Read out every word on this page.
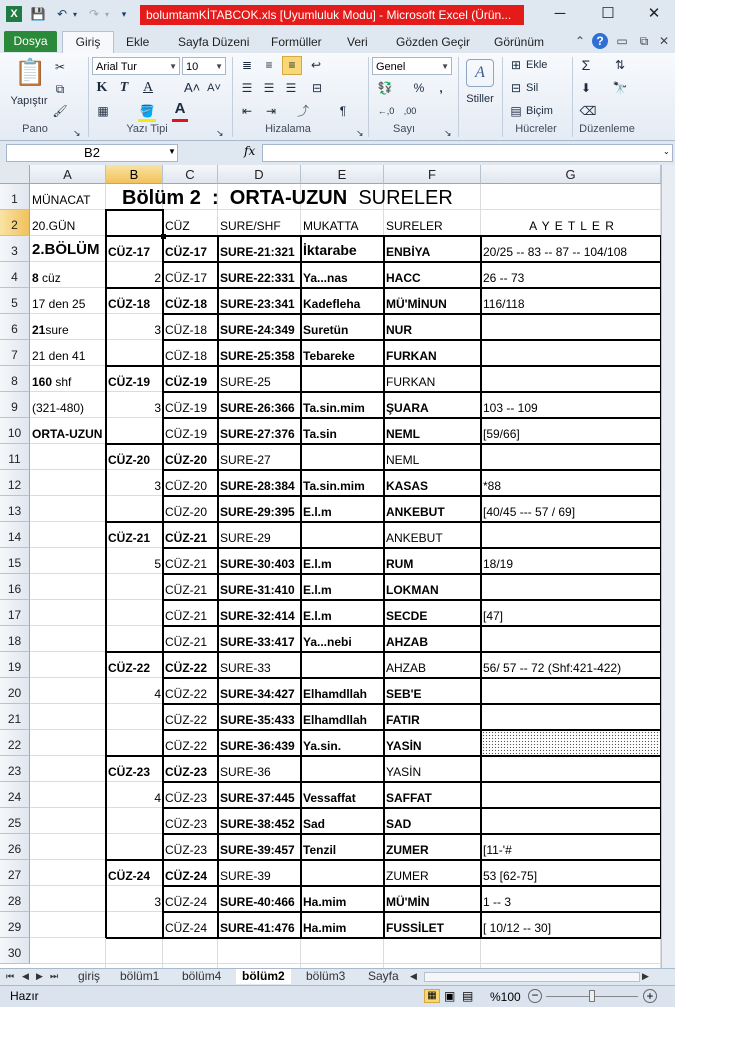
X	💾 ↶ ▾ ↷ ▾	▾	bolumtamKİTABCOK.xls [Uyumluluk Modu] - Microsoft Excel (Ürün...	─	☐	✕
Dosya	Giriş	Ekle Sayfa Düzeni Formüller Veri Gözden Geçir Görünüm	⌃ ?	▭	⧉ ✕
📋
Yapıştır
✂
⧉
🖌
Pano	↘
Arial Tur	▼ 10 ▼
K T A A˄ A˅
▦	🪣 A
Yazı Tipi	↘
≣	≡	≡	↩
☰ ☰ ☰	⊟
⤴
⇤	⇥	¶
Hizalama	↘
Genel	▼
💱	%	,
←,0	,00
Sayı	↘
A
Stiller
⊞ Ekle
⊟ Sil
▤ Biçim
Hücreler
Σ	⇅
⬇ 🔭
⌫
Düzenleme
B2	▼	fx	⌄
A	B	C	D	E	F	G
1
2
3
4
5
6
7
8
9
10
11
12
13
14
15
16
17
18
19
20
21
22
23
24
25
26
27
28
29
30
MÜNACAT	Bölüm 2  :  ORTA-UZUN SURELER
20.GÜN	CÜZ	SURE/SHF	MUKATTA	SURELER	A Y E T L E R
2.BÖLÜM CÜZ-17	CÜZ-17	SURE-21:321 İktarabe	ENBİYA	20/25 -- 83 -- 87 -- 104/108
8 cüz	2 CÜZ-17	SURE-22:331 Ya...nas	HACC	26 -- 73
17 den 25	CÜZ-18	CÜZ-18	SURE-23:341 Kadefleha	MÜ'MİNUN	116/118
21sure	3 CÜZ-18	SURE-24:349 Suretün	NUR
21 den 41	CÜZ-18	SURE-25:358 Tebareke	FURKAN
160 shf	CÜZ-19	CÜZ-19	SURE-25	FURKAN
(321-480)	3 CÜZ-19	SURE-26:366 Ta.sin.mim	ŞUARA	103 -- 109
ORTA-UZUN	CÜZ-19	SURE-27:376 Ta.sin	NEML	[59/66]
CÜZ-20	CÜZ-20	SURE-27	NEML
3 CÜZ-20	SURE-28:384 Ta.sin.mim	KASAS	*88
CÜZ-20	SURE-29:395 E.l.m	ANKEBUT	[40/45 --- 57 / 69]
CÜZ-21	CÜZ-21	SURE-29	ANKEBUT
5 CÜZ-21	SURE-30:403 E.l.m	RUM	18/19
CÜZ-21	SURE-31:410 E.l.m	LOKMAN
CÜZ-21	SURE-32:414 E.l.m	SECDE	[47]
CÜZ-21	SURE-33:417 Ya...nebi	AHZAB
CÜZ-22	CÜZ-22	SURE-33	AHZAB	56/ 57 -- 72 (Shf:421-422)
4 CÜZ-22	SURE-34:427 Elhamdllah	SEB'E
CÜZ-22	SURE-35:433 Elhamdllah	FATIR
CÜZ-22	SURE-36:439 Ya.sin.	YASİN
CÜZ-23	CÜZ-23	SURE-36	YASİN
4 CÜZ-23	SURE-37:445 Vessaffat	SAFFAT
CÜZ-23	SURE-38:452 Sad	SAD
CÜZ-23	SURE-39:457 Tenzil	ZUMER	[11-'#
CÜZ-24	CÜZ-24	SURE-39	ZUMER	53 [62-75]
3 CÜZ-24	SURE-40:466 Ha.mim	MÜ'MİN	1 -- 3
CÜZ-24	SURE-41:476 Ha.mim	FUSSİLET	[ 10/12 -- 30]
⏮ ◀ ▶ ⏭ giriş bölüm1 bölüm4	bölüm2	bölüm3 Sayfa ◀	▶
Hazır	▦ ▣ ▤ %100 −	+
